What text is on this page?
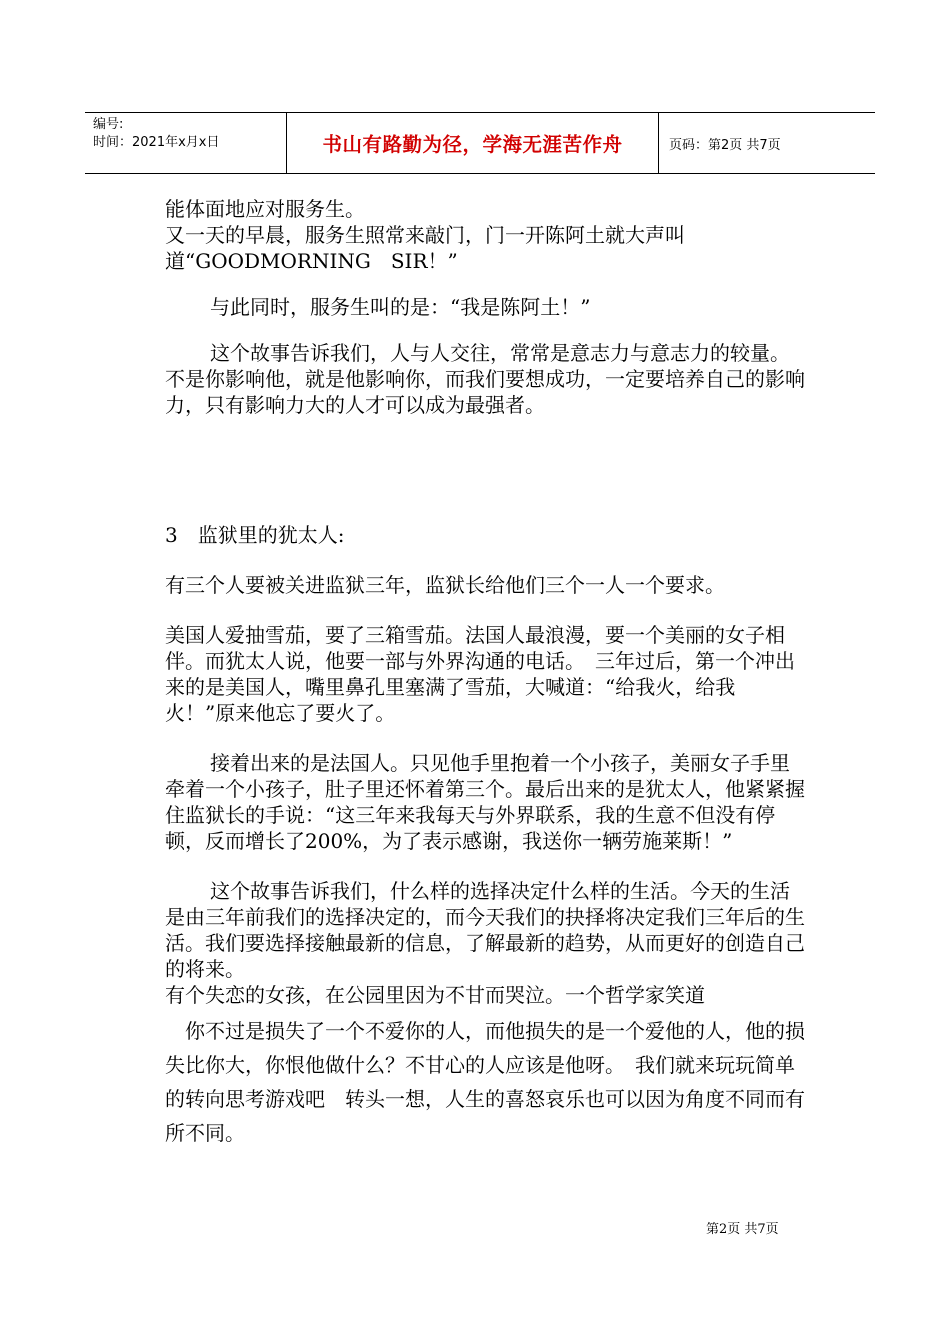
编号:
时间：2021年x月x日	书山有路勤为径，学海无涯苦作舟	页码：第2页 共7页

能体面地应对服务生。

又一天的早晨，服务生照常来敲门，门一开陈阿土就大声叫道“GOODMORNING　SIR！”

与此同时，服务生叫的是：“我是陈阿土！”

这个故事告诉我们，人与人交往，常常是意志力与意志力的较量。不是你影响他，就是他影响你，而我们要想成功，一定要培养自己的影响力，只有影响力大的人才可以成为最强者。

3　监狱里的犹太人:

有三个人要被关进监狱三年，监狱长给他们三个一人一个要求。

美国人爱抽雪茄，要了三箱雪茄。法国人最浪漫，要一个美丽的女子相伴。而犹太人说，他要一部与外界沟通的电话。　三年过后，第一个冲出来的是美国人，嘴里鼻孔里塞满了雪茄，大喊道：“给我火，给我火！”原来他忘了要火了。

接着出来的是法国人。只见他手里抱着一个小孩子，美丽女子手里牵着一个小孩子，肚子里还怀着第三个。最后出来的是犹太人，他紧紧握住监狱长的手说：“这三年来我每天与外界联系，我的生意不但没有停顿，反而增长了200%，为了表示感谢，我送你一辆劳施莱斯！”

这个故事告诉我们，什么样的选择决定什么样的生活。今天的生活是由三年前我们的选择决定的，而今天我们的抉择将决定我们三年后的生活。我们要选择接触最新的信息，了解最新的趋势，从而更好的创造自己的将来。

有个失恋的女孩，在公园里因为不甘而哭泣。一个哲学家笑道

你不过是损失了一个不爱你的人，而他损失的是一个爱他的人，他的损失比你大，你恨他做什么？不甘心的人应该是他呀。　我们就来玩玩简单的转向思考游戏吧　转头一想，人生的喜怒哀乐也可以因为角度不同而有所不同。

第2页 共7页
